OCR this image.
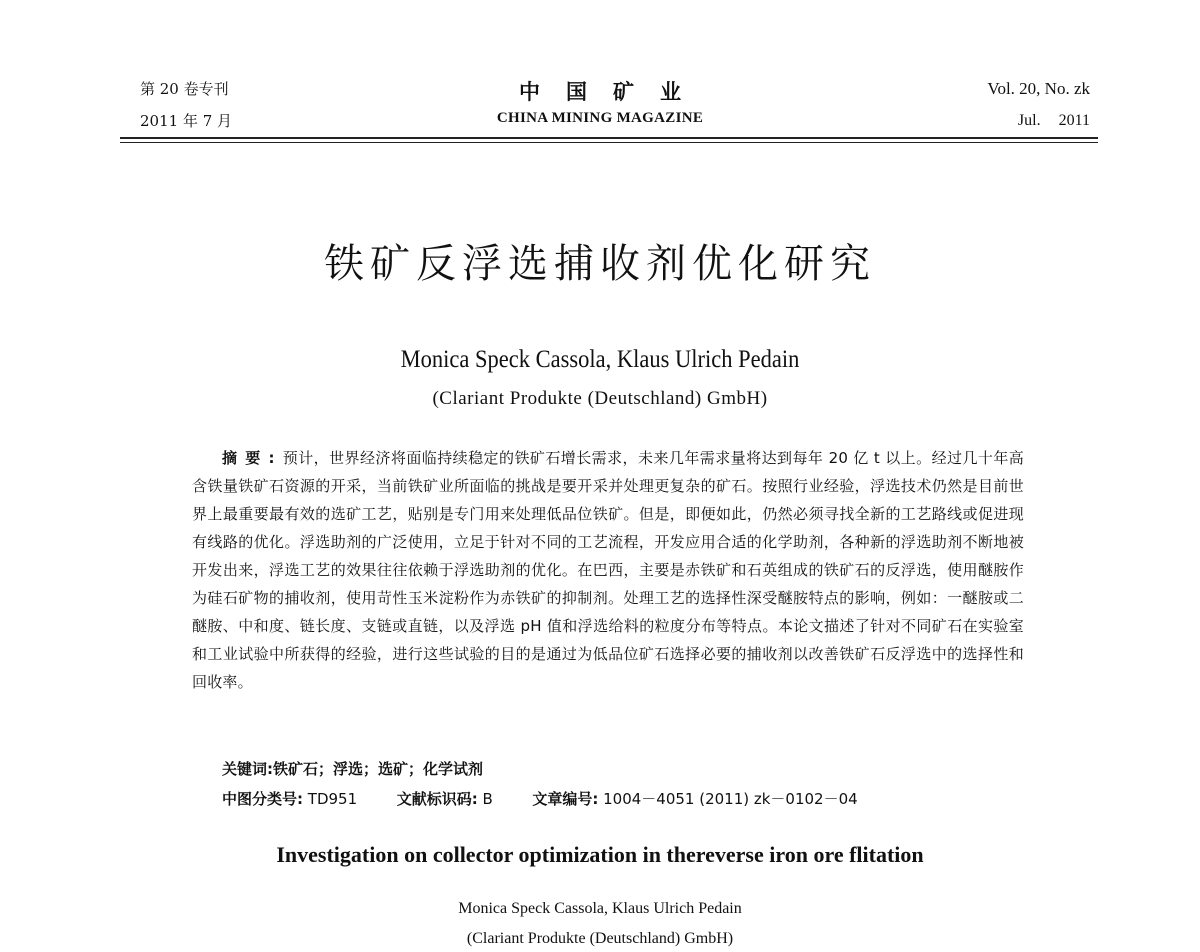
第 20 卷专刊
2011 年 7 月
中国矿业
CHINA MINING MAGAZINE
Vol. 20, No. zk
Jul. 2011
铁矿反浮选捕收剂优化研究
Monica Speck Cassola, Klaus Ulrich Pedain
(Clariant Produkte (Deutschland) GmbH)
摘要:预计，世界经济将面临持续稳定的铁矿石增长需求，未来几年需求量将达到每年 20 亿 t 以上。经过几十年高含铁量铁矿石资源的开采，当前铁矿业所面临的挑战是要开采并处理更复杂的矿石。按照行业经验，浮选技术仍然是目前世界上最重要最有效的选矿工艺，贴别是专门用来处理低品位铁矿。但是，即便如此，仍然必须寻找全新的工艺路线或促进现有线路的优化。浮选助剂的广泛使用，立足于针对不同的工艺流程，开发应用合适的化学助剂，各种新的浮选助剂不断地被开发出来，浮选工艺的效果往往依赖于浮选助剂的优化。在巴西，主要是赤铁矿和石英组成的铁矿石的反浮选，使用醚胺作为硅石矿物的捕收剂，使用苛性玉米淀粉作为赤铁矿的抑制剂。处理工艺的选择性深受醚胺特点的影响，例如：一醚胺或二醚胺、中和度、链长度、支链或直链，以及浮选 pH 值和浮选给料的粒度分布等特点。本论文描述了针对不同矿石在实验室和工业试验中所获得的经验，进行这些试验的目的是通过为低品位矿石选择必要的捕收剂以改善铁矿石反浮选中的选择性和回收率。
关键词:铁矿石；浮选；选矿；化学试剂
中图分类号: TD951	文献标识码: B	文章编号: 1004－4051 (2011) zk－0102－04
Investigation on collector optimization in thereverse iron ore flitation
Monica Speck Cassola, Klaus Ulrich Pedain
(Clariant Produkte (Deutschland) GmbH)
